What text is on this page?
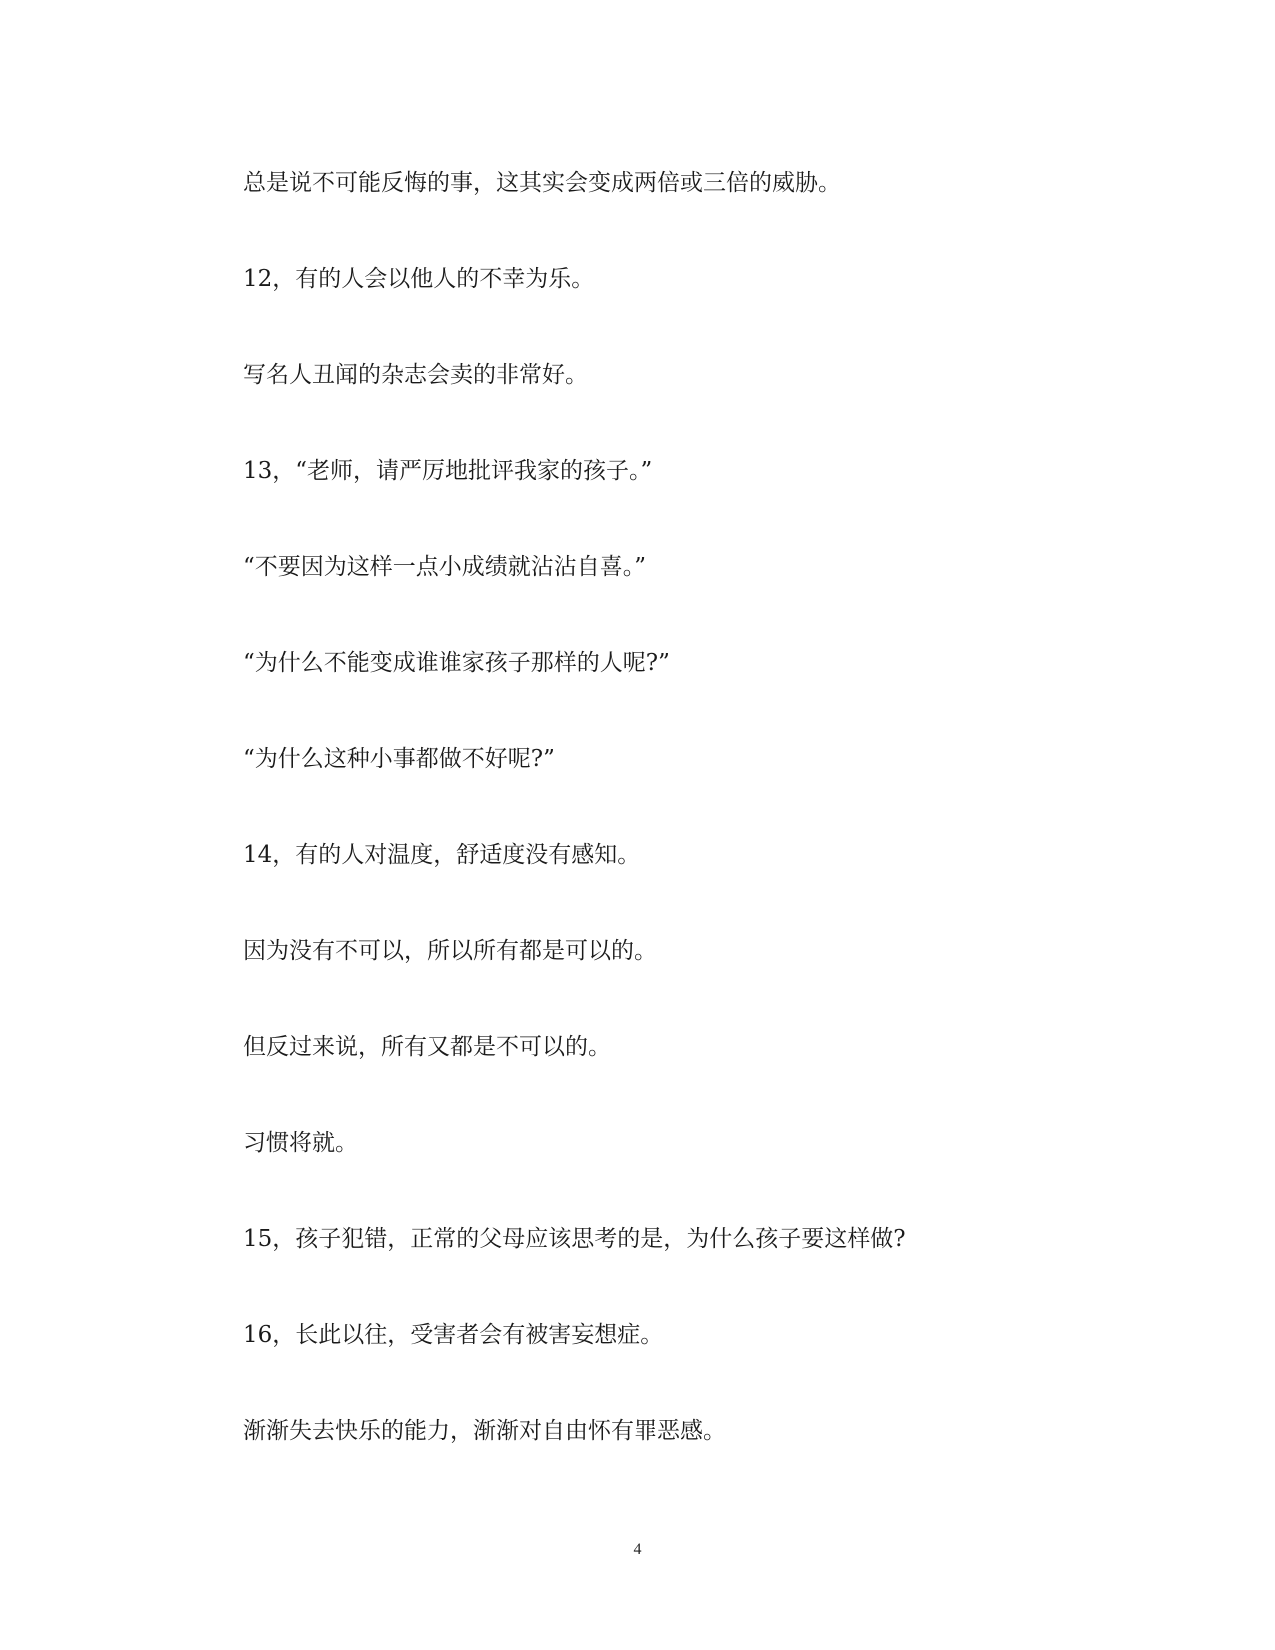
总是说不可能反悔的事，这其实会变成两倍或三倍的威胁。

12，有的人会以他人的不幸为乐。

写名人丑闻的杂志会卖的非常好。

13，“老师，请严厉地批评我家的孩子。”

“不要因为这样一点小成绩就沾沾自喜。”

“为什么不能变成谁谁家孩子那样的人呢?”

“为什么这种小事都做不好呢?”

14，有的人对温度，舒适度没有感知。

因为没有不可以，所以所有都是可以的。

但反过来说，所有又都是不可以的。

习惯将就。

15，孩子犯错，正常的父母应该思考的是，为什么孩子要这样做?

16，长此以往，受害者会有被害妄想症。

渐渐失去快乐的能力，渐渐对自由怀有罪恶感。

4
